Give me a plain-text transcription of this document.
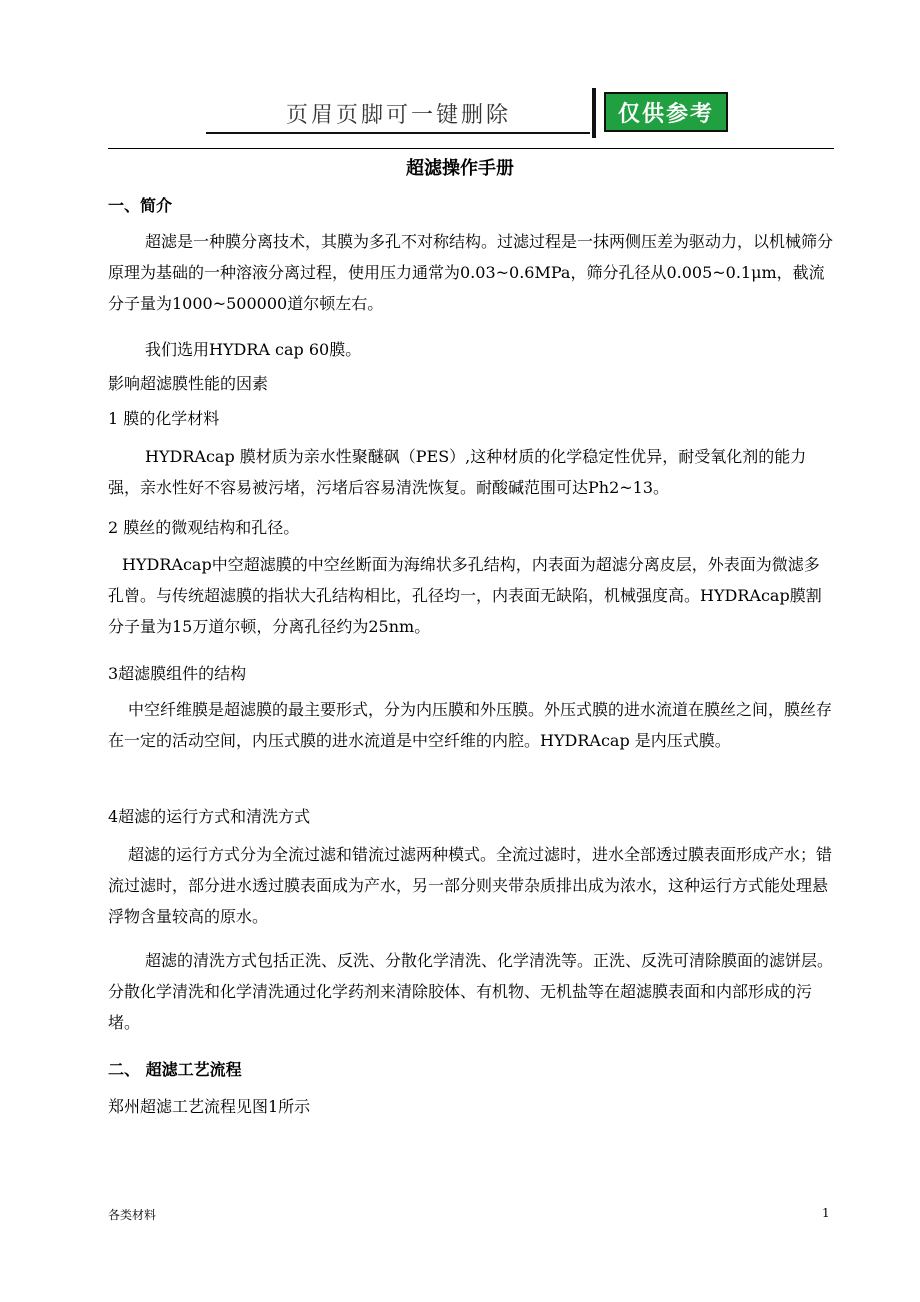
页眉页脚可一键删除	仅供参考
超滤操作手册
一、简介

超滤是一种膜分离技术，其膜为多孔不对称结构。过滤过程是一抹两侧压差为驱动力，以机械筛分原理为基础的一种溶液分离过程，使用压力通常为0.03~0.6MPa，筛分孔径从0.005~0.1μm，截流分子量为1000~500000道尔顿左右。

我们选用HYDRA cap 60膜。

影响超滤膜性能的因素
1 膜的化学材料

HYDRAcap 膜材质为亲水性聚醚砜（PES）,这种材质的化学稳定性优异，耐受氧化剂的能力强，亲水性好不容易被污堵，污堵后容易清洗恢复。耐酸碱范围可达Ph2~13。

2 膜丝的微观结构和孔径。

HYDRAcap中空超滤膜的中空丝断面为海绵状多孔结构，内表面为超滤分离皮层，外表面为微滤多孔曾。与传统超滤膜的指状大孔结构相比，孔径均一，内表面无缺陷，机械强度高。HYDRAcap膜割分子量为15万道尔顿，分离孔径约为25nm。

3超滤膜组件的结构

中空纤维膜是超滤膜的最主要形式，分为内压膜和外压膜。外压式膜的进水流道在膜丝之间，膜丝存在一定的活动空间，内压式膜的进水流道是中空纤维的内腔。HYDRAcap 是内压式膜。

4超滤的运行方式和清洗方式

超滤的运行方式分为全流过滤和错流过滤两种模式。全流过滤时，进水全部透过膜表面形成产水；错流过滤时，部分进水透过膜表面成为产水，另一部分则夹带杂质排出成为浓水，这种运行方式能处理悬浮物含量较高的原水。

超滤的清洗方式包括正洗、反洗、分散化学清洗、化学清洗等。正洗、反洗可清除膜面的滤饼层。分散化学清洗和化学清洗通过化学药剂来清除胶体、有机物、无机盐等在超滤膜表面和内部形成的污堵。

二、 超滤工艺流程
郑州超滤工艺流程见图1所示
各类材料	1
